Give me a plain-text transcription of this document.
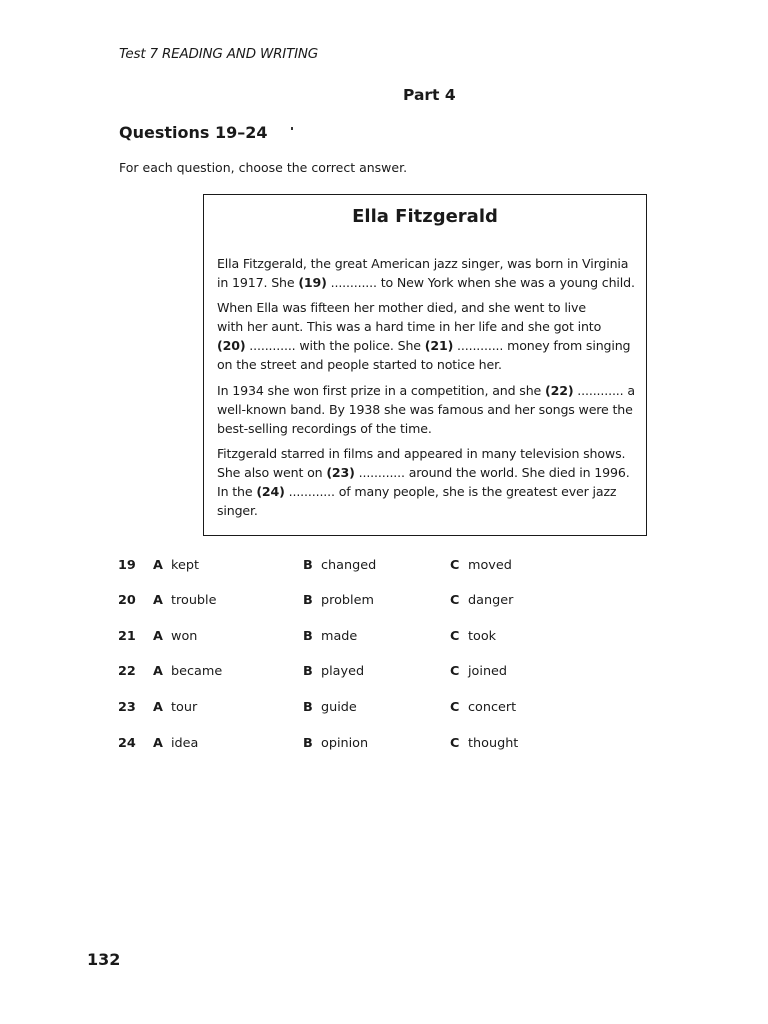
Test 7 READING AND WRITING
Part 4
Questions 19–24
For each question, choose the correct answer.
Ella Fitzgerald
Ella Fitzgerald, the great American jazz singer, was born in Virginia
in 1917. She (19) ............ to New York when she was a young child.
When Ella was fifteen her mother died, and she went to live
with her aunt. This was a hard time in her life and she got into
(20) ............ with the police. She (21) ............ money from singing
on the street and people started to notice her.
In 1934 she won first prize in a competition, and she (22) ............ a
well-known band. By 1938 she was famous and her songs were the
best-selling recordings of the time.
Fitzgerald starred in films and appeared in many television shows.
She also went on (23) ............ around the world. She died in 1996.
In the (24) ............ of many people, she is the greatest ever jazz
singer.
19 A kept	B changed	C moved
20 A trouble	B problem	C danger
21 A won	B made	C took
22 A became	B played	C joined
23 A tour	B guide	C concert
24 A idea	B opinion	C thought
132
